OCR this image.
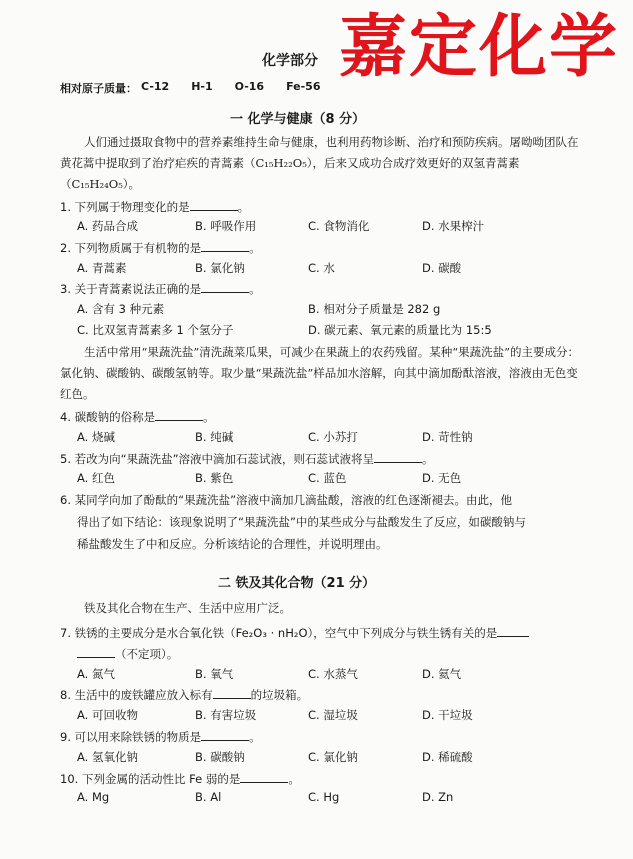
化学部分 嘉定化学
相对原子质量： C-12 H-1 O-16 Fe-56
一 化学与健康（8 分）
人们通过摄取食物中的营养素维持生命与健康，也利用药物诊断、治疗和预防疾病。屠呦呦团队在黄花蒿中提取到了治疗疟疾的青蒿素（C₁₅H₂₂O₅），后来又成功合成疗效更好的双氢青蒿素（C₁₅H₂₄O₅）。
1. 下列属于物理变化的是	。
A. 药品合成	B. 呼吸作用	C. 食物消化	D. 水果榨汁
2. 下列物质属于有机物的是	。
A. 青蒿素	B. 氯化钠	C. 水	D. 碳酸
3. 关于青蒿素说法正确的是	。
A. 含有 3 种元素	B. 相对分子质量是 282 g
C. 比双氢青蒿素多 1 个氢分子	D. 碳元素、氧元素的质量比为 15:5
生活中常用“果蔬洗盐”清洗蔬菜瓜果，可减少在果蔬上的农药残留。某种“果蔬洗盐”的主要成分：氯化钠、碳酸钠、碳酸氢钠等。取少量“果蔬洗盐”样品加水溶解，向其中滴加酚酞溶液，溶液由无色变红色。
4. 碳酸钠的俗称是	。
A. 烧碱	B. 纯碱	C. 小苏打	D. 苛性钠
5. 若改为向“果蔬洗盐”溶液中滴加石蕊试液，则石蕊试液将呈	。
A. 红色	B. 紫色	C. 蓝色	D. 无色
6. 某同学向加了酚酞的“果蔬洗盐”溶液中滴加几滴盐酸，溶液的红色逐渐褪去。由此，他
得出了如下结论：该现象说明了“果蔬洗盐”中的某些成分与盐酸发生了反应，如碳酸钠与
稀盐酸发生了中和反应。分析该结论的合理性，并说明理由。
二 铁及其化合物（21 分）
铁及其化合物在生产、生活中应用广泛。
7. 铁锈的主要成分是水合氧化铁（Fe₂O₃ · nH₂O），空气中下列成分与铁生锈有关的是
（不定项）。
A. 氮气	B. 氧气	C. 水蒸气	D. 氦气
8. 生活中的废铁罐应放入标有	的垃圾箱。
A. 可回收物	B. 有害垃圾	C. 湿垃圾	D. 干垃圾
9. 可以用来除铁锈的物质是	。
A. 氢氧化钠	B. 碳酸钠	C. 氯化钠	D. 稀硫酸
10. 下列金属的活动性比 Fe 弱的是	。
A. Mg	B. Al	C. Hg	D. Zn
